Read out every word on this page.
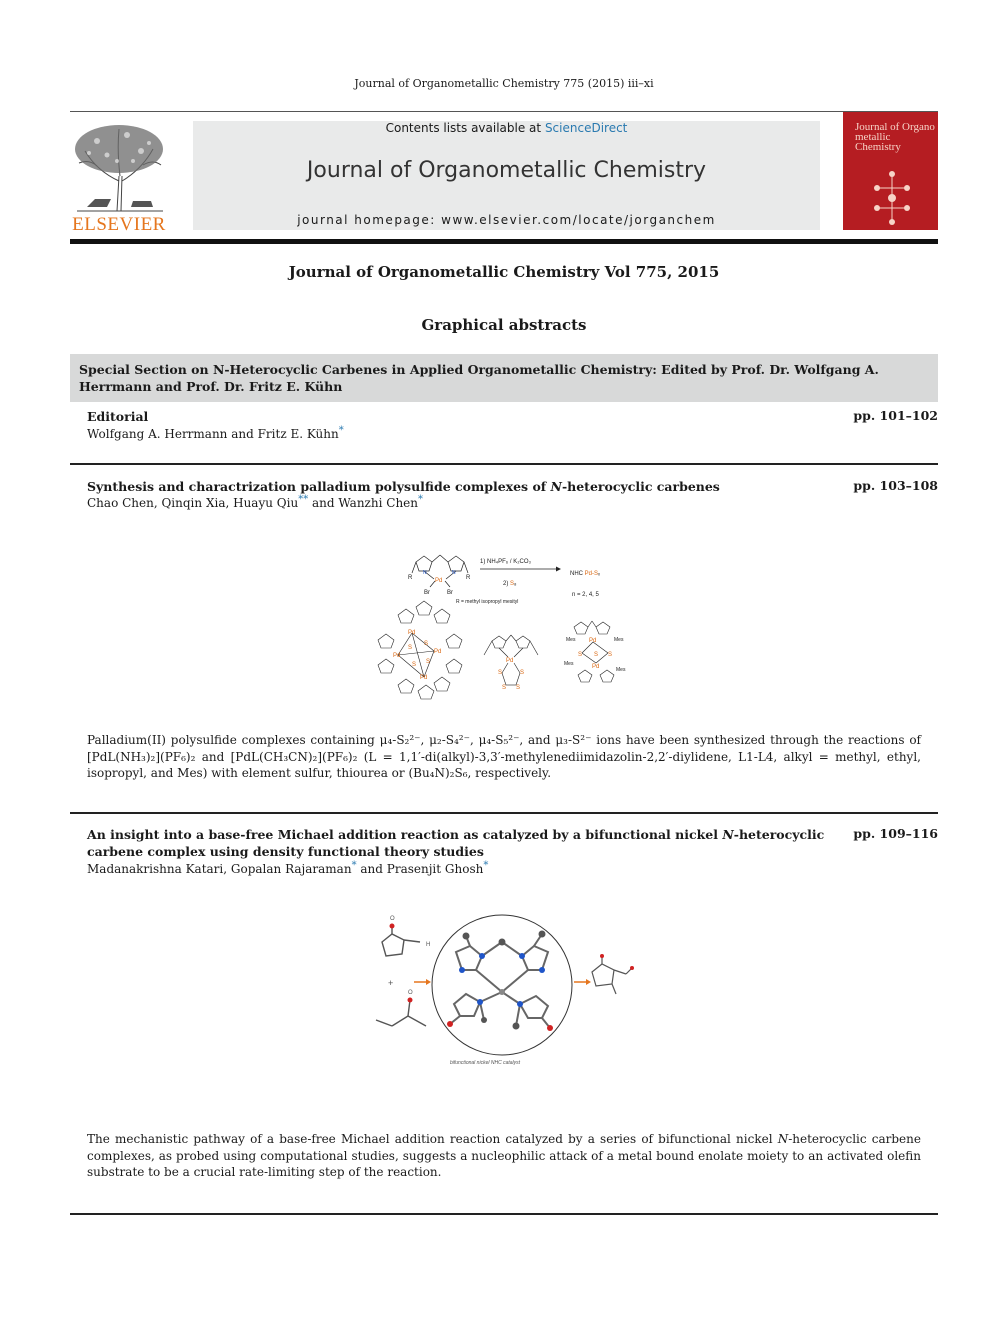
Journal of Organometallic Chemistry 775 (2015) iii–xi
ELSEVIER
Contents lists available at ScienceDirect
Journal of Organometallic Chemistry
journal homepage: www.elsevier.com/locate/jorganchem
Journal of Organo metallic Chemistry
Journal of Organometallic Chemistry Vol 775, 2015
Graphical abstracts
Special Section on N-Heterocyclic Carbenes in Applied Organometallic Chemistry: Edited by Prof. Dr. Wolfgang A. Herrmann and Prof. Dr. Fritz E. Kühn
Editorial	pp. 101–102
Wolfgang A. Herrmann and Fritz E. Kühn*
Synthesis and charactrization palladium polysulfide complexes of N-heterocyclic carbenes	pp. 103–108
Chao Chen, Qinqin Xia, Huayu Qiu** and Wanzhi Chen*
Pd
Br	Br
R	R
N	N
R = methyl isopropyl mesityl
1) NH₄PF₆ / K₂CO₃
2) S₈
NHC Pd-Sₓ
n = 2, 4, 5
Pd
Pd
Pd
Pd
S
S
S S	Pd
S	S
S S
Pd
Pd
S S S
Mes	Mes
Mes
Mes
Palladium(II) polysulfide complexes containing μ₄-S₂²⁻, μ₂-S₄²⁻, μ₄-S₅²⁻, and μ₃-S²⁻ ions have been synthesized through the reactions of [PdL(NH₃)₂](PF₆)₂ and [PdL(CH₃CN)₂](PF₆)₂ (L = 1,1′-di(alkyl)-3,3′-methylenediimidazolin-2,2′-diylidene, L1-L4, alkyl = methyl, ethyl, isopropyl, and Mes) with element sulfur, thiourea or (Bu₄N)₂S₆, respectively.
An insight into a base-free Michael addition reaction as catalyzed by a bifunctional nickel N-heterocyclic carbene complex using density functional theory studies
pp. 109–116
Madanakrishna Katari, Gopalan Rajaraman* and Prasenjit Ghosh*
O
H
+
O
bifunctional nickel NHC catalyst
The mechanistic pathway of a base-free Michael addition reaction catalyzed by a series of bifunctional nickel N-heterocyclic carbene complexes, as probed using computational studies, suggests a nucleophilic attack of a metal bound enolate moiety to an activated olefin substrate to be a crucial rate-limiting step of the reaction.
